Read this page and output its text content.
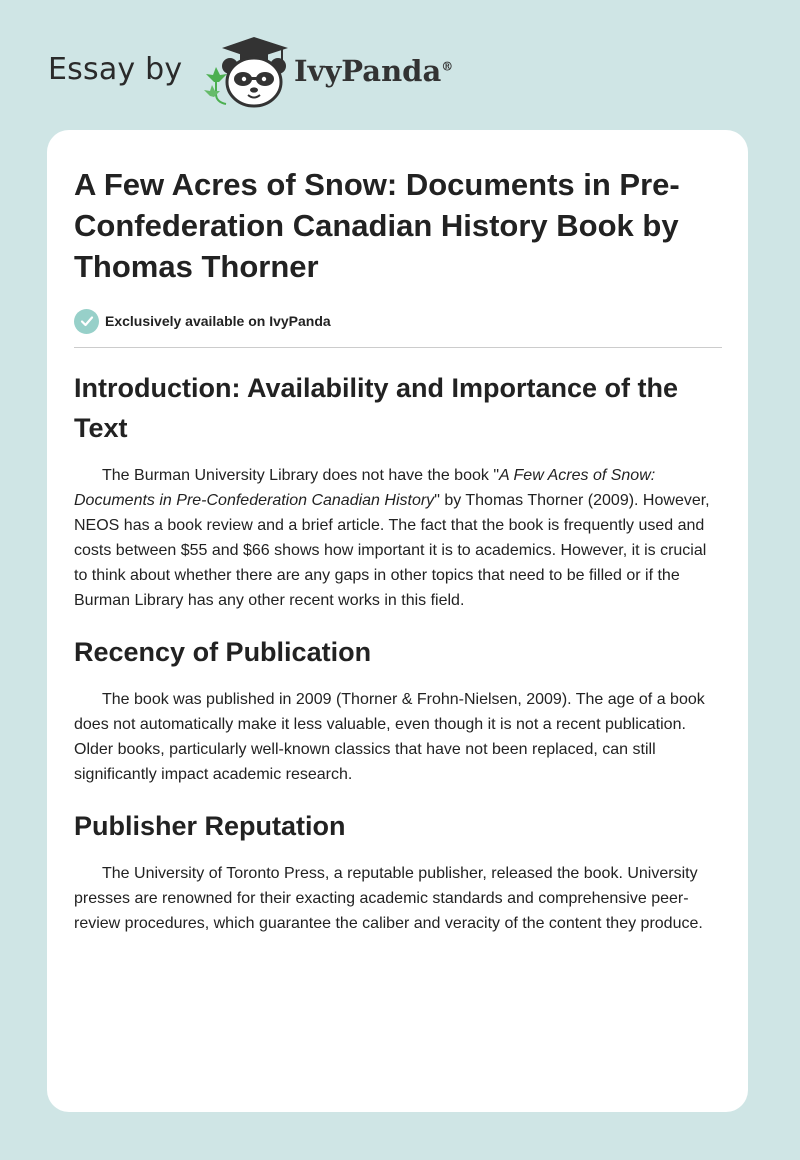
Essay by	IvyPanda®
A Few Acres of Snow: Documents in Pre-Confederation Canadian History Book by Thomas Thorner
Exclusively available on IvyPanda
Introduction: Availability and Importance of the Text

The Burman University Library does not have the book "A Few Acres of Snow: Documents in Pre-Confederation Canadian History" by Thomas Thorner (2009). However, NEOS has a book review and a brief article. The fact that the book is frequently used and costs between $55 and $66 shows how important it is to academics. However, it is crucial to think about whether there are any gaps in other topics that need to be filled or if the Burman Library has any other recent works in this field.

Recency of Publication

The book was published in 2009 (Thorner & Frohn-Nielsen, 2009). The age of a book does not automatically make it less valuable, even though it is not a recent publication. Older books, particularly well-known classics that have not been replaced, can still significantly impact academic research.

Publisher Reputation

The University of Toronto Press, a reputable publisher, released the book. University presses are renowned for their exacting academic standards and comprehensive peer-review procedures, which guarantee the caliber and veracity of the content they produce.
